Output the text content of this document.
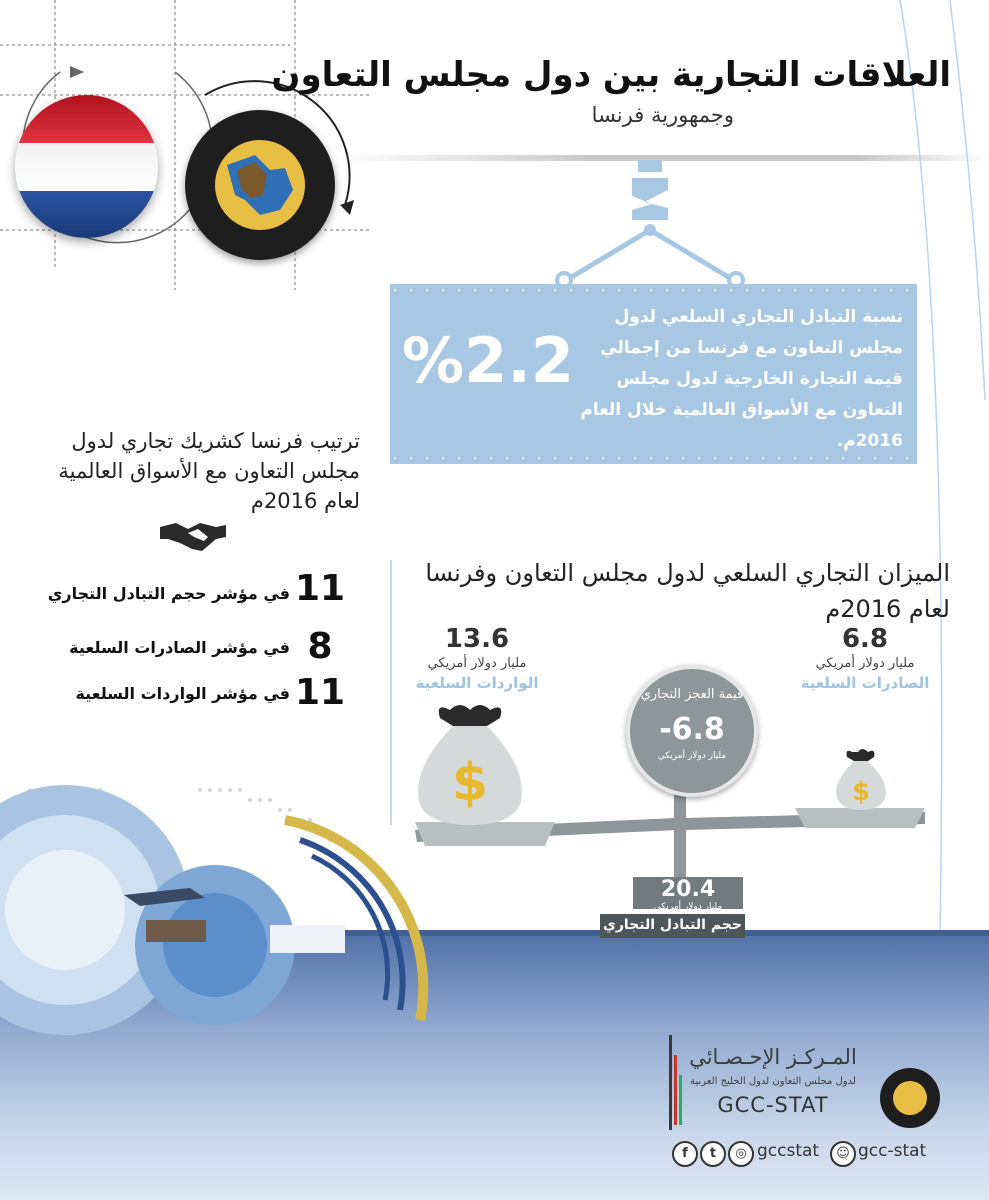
العلاقات التجارية بين دول مجلس التعاون
وجمهورية فرنسا
%2.2
نسبة التبادل التجاري السلعي لدول مجلس التعاون مع فرنسا من إجمالي قيمة التجارة الخارجية لدول مجلس التعاون مع الأسواق العالمية خلال العام 2016م.
ترتيب فرنسا كشريك تجاري لدول مجلس التعاون مع الأسواق العالمية لعام 2016م
11
في مؤشر حجم التبادل التجاري
8
في مؤشر الصادرات السلعية
11
في مؤشر الواردات السلعية
الميزان التجاري السلعي لدول مجلس التعاون وفرنسا لعام 2016م
13.6
مليار دولار أمريكي
الواردات السلعية
6.8
مليار دولار أمريكي
الصادرات السلعية
$	$
قيمة العجز التجاري
-6.8
مليار دولار أمريكي
20.4
مليار دولار أمريكي
حجم التبادل التجاري
المـركـز الإحـصـائي
لدول مجلس التعاون لدول الخليج العربية
GCC-STAT
f	t	◎ gccstat	☺ gcc-stat
